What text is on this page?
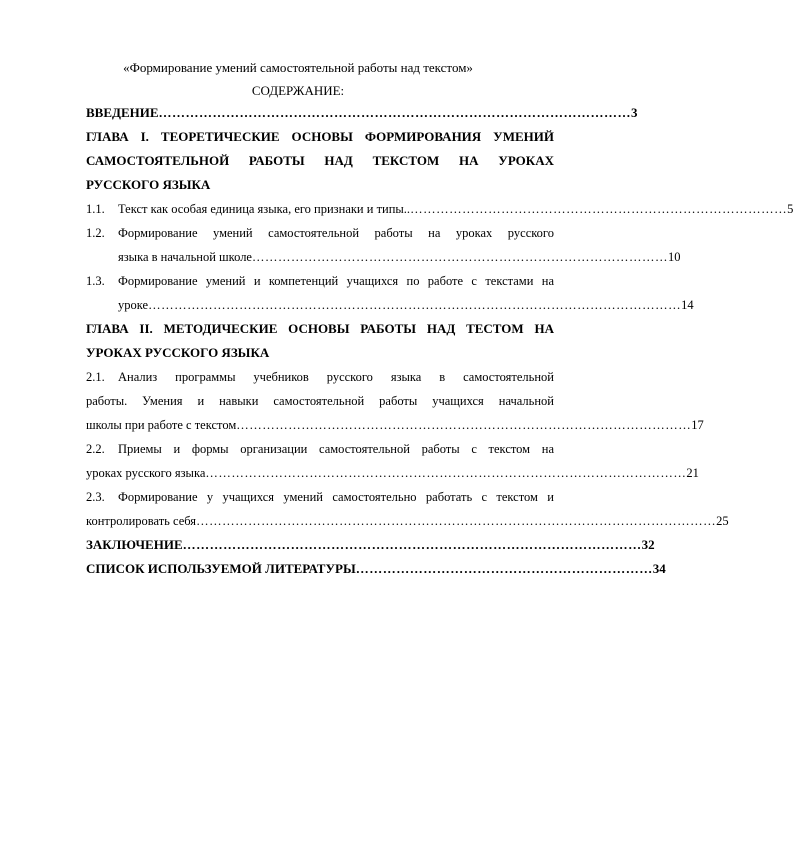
«Формирование умений самостоятельной работы над текстом»
СОДЕРЖАНИЕ:
ВВЕДЕНИЕ …………………………………………………………………………………………… 3
ГЛАВА I. ТЕОРЕТИЧЕСКИЕ ОСНОВЫ ФОРМИРОВАНИЯ УМЕНИЙ
САМОСТОЯТЕЛЬНОЙ РАБОТЫ НАД ТЕКСТОМ НА УРОКАХ
РУССКОГО ЯЗЫКА
1.1.	Текст как особая единица языка, его признаки и типы.. …………………………………………………………………………… 5
1.2.	Формирование умений самостоятельной работы на уроках русского
языка в начальной школе …………………………………………………………………………………… 10
1.3.	Формирование умений и компетенций учащихся по работе с текстами на
уроке …………………………………………………………………………………………………………… 14
ГЛАВА II. МЕТОДИЧЕСКИЕ ОСНОВЫ РАБОТЫ НАД ТЕСТОМ НА
УРОКАХ РУССКОГО ЯЗЫКА
2.1.	Анализ программы учебников русского языка в самостоятельной
работы. Умения и навыки самостоятельной работы учащихся начальной
школы при работе с текстом …………………………………………………………………………………………… 17
2.2.	Приемы и формы организации самостоятельной работы с текстом на
уроках русского языка ………………………………………………………………………………………………… 21
2.3.	Формирование у учащихся умений самостоятельно работать с текстом и
контролировать себя ………………………………………………………………………………………………………… 25
ЗАКЛЮЧЕНИЕ ………………………………………………………………………………………… 32
СПИСОК ИСПОЛЬЗУЕМОЙ ЛИТЕРАТУРЫ ………………………………………………………… 34
